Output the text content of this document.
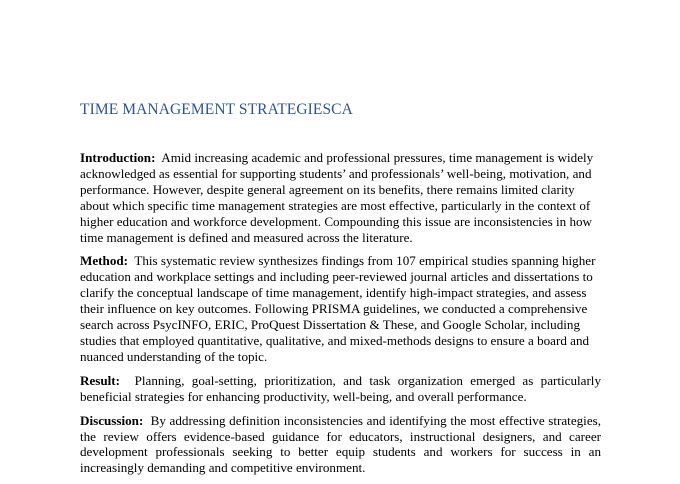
TIME MANAGEMENT STRATEGIESCA

Introduction: Amid increasing academic and professional pressures, time management is widely acknowledged as essential for supporting students’ and professionals’ well-being, motivation, and performance. However, despite general agreement on its benefits, there remains limited clarity about which specific time management strategies are most effective, particularly in the context of higher education and workforce development. Compounding this issue are inconsistencies in how time management is defined and measured across the literature.

Method: This systematic review synthesizes findings from 107 empirical studies spanning higher education and workplace settings and including peer-reviewed journal articles and dissertations to clarify the conceptual landscape of time management, identify high-impact strategies, and assess their influence on key outcomes. Following PRISMA guidelines, we conducted a comprehensive search across PsycINFO, ERIC, ProQuest Dissertation & These, and Google Scholar, including studies that employed quantitative, qualitative, and mixed-methods designs to ensure a board and nuanced understanding of the topic.

Result: Planning, goal-setting, prioritization, and task organization emerged as particularly beneficial strategies for enhancing productivity, well-being, and overall performance.

Discussion: By addressing definition inconsistencies and identifying the most effective strategies, the review offers evidence-based guidance for educators, instructional designers, and career development professionals seeking to better equip students and workers for success in an increasingly demanding and competitive environment.
